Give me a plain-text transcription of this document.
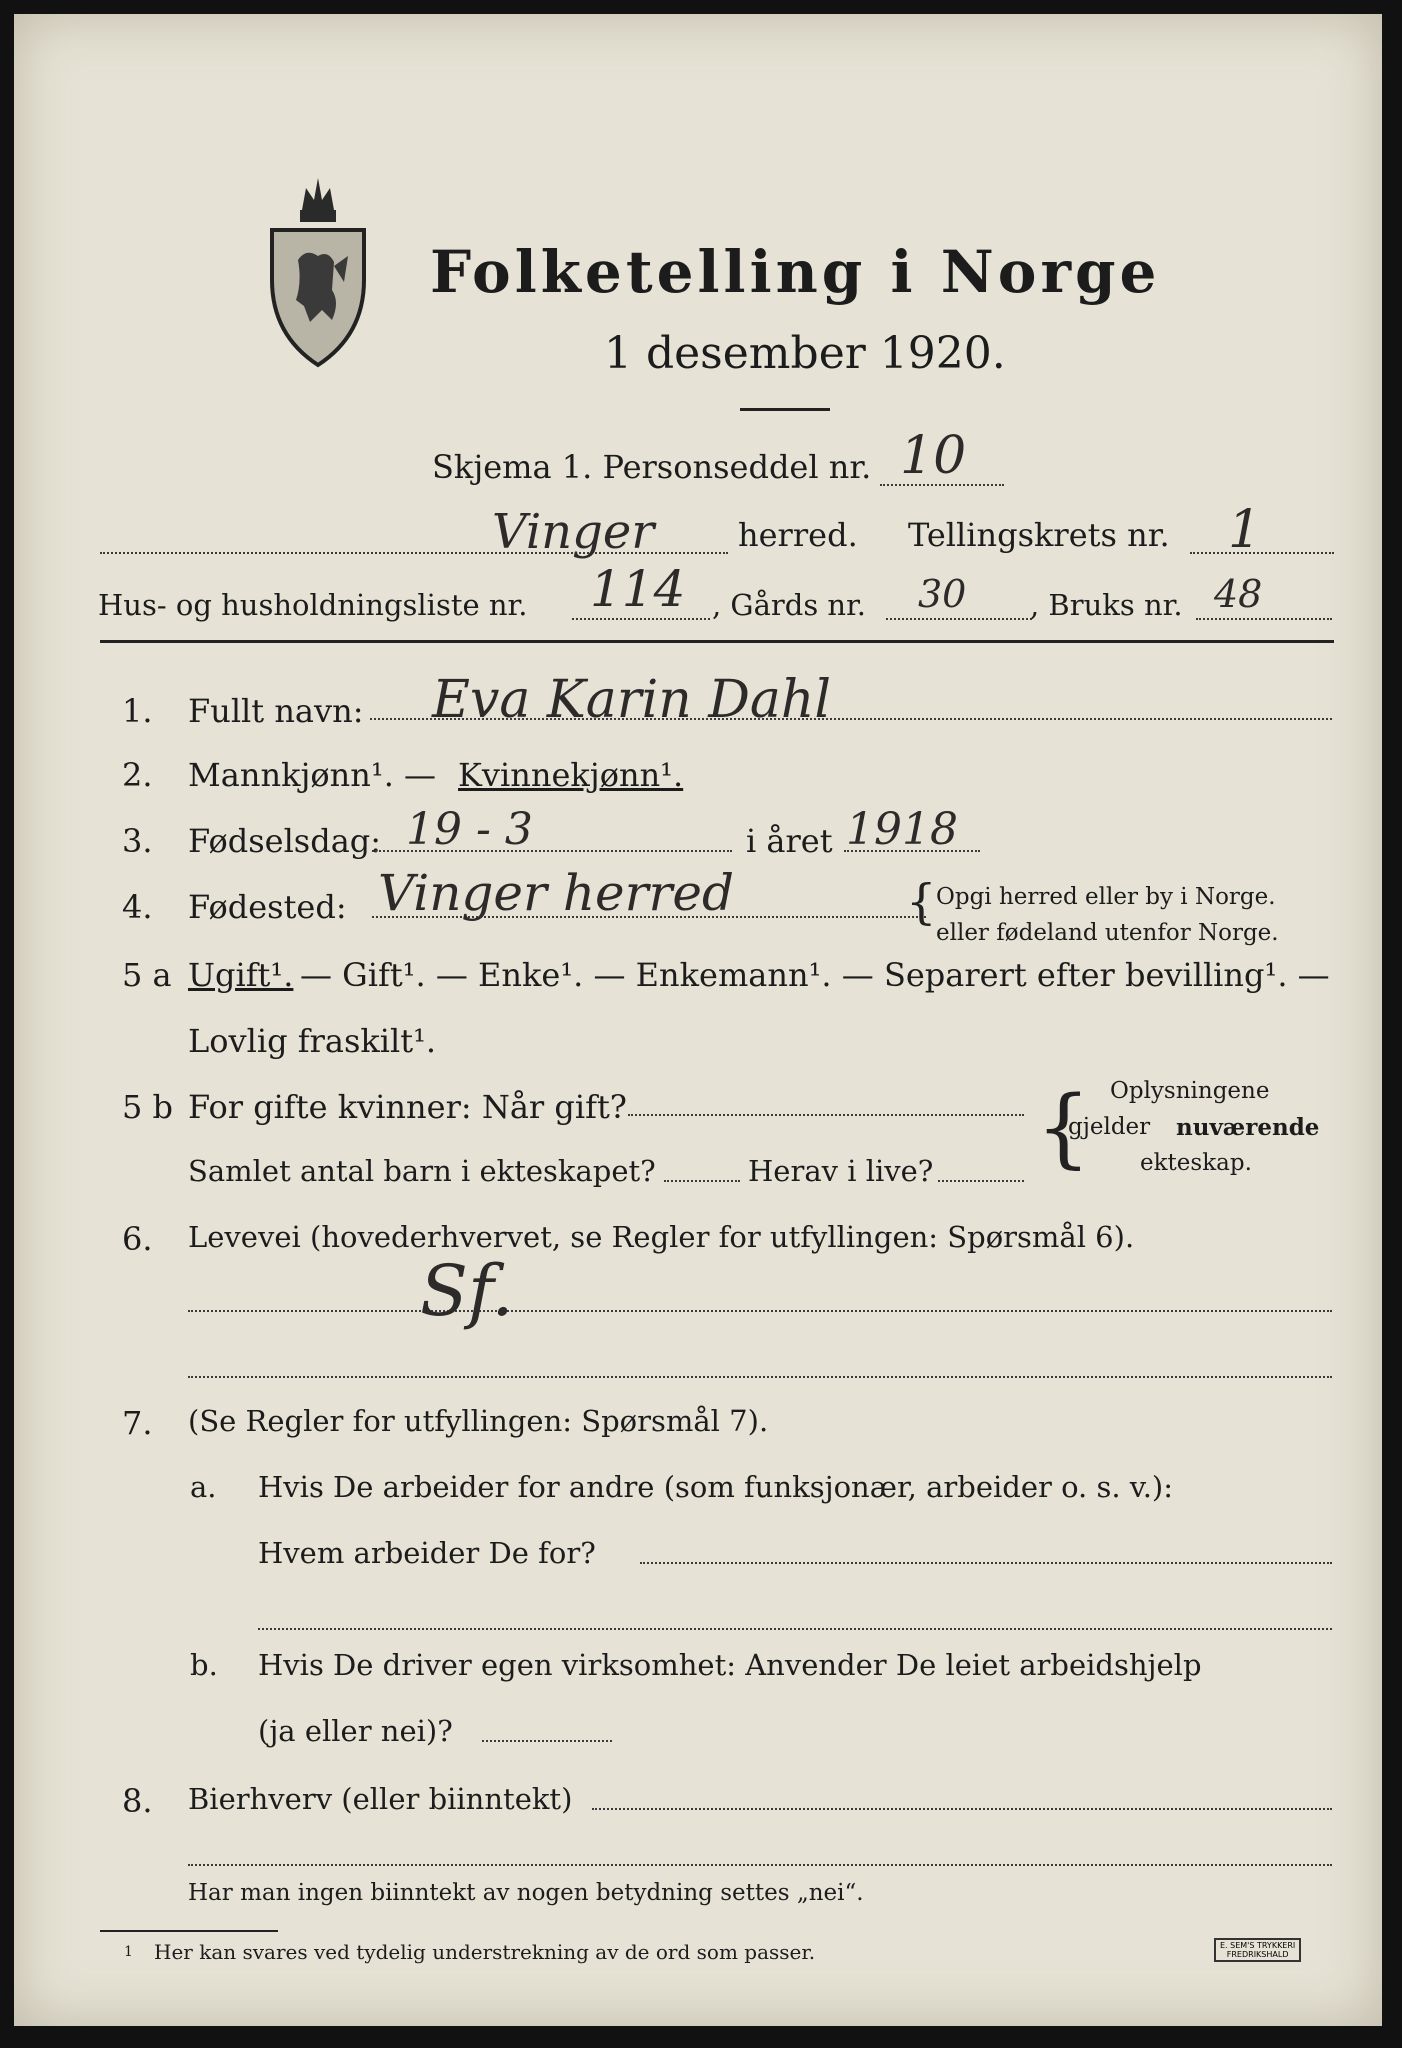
Folketelling i Norge
1 desember 1920.
Skjema 1. Personseddel nr. 10
Vinger	herred. Tellingskrets nr. 1
Hus- og husholdningsliste nr. 114 , Gårds nr. 30 , Bruks nr. 48
1. Fullt navn: Eva Karin Dahl
2. Mannkjønn¹. — Kvinnekjønn¹.
3. Fødselsdag: 19 - 3	i året 1918
4. Fødested: Vinger herred	{ Opgi herred eller by i Norge.
eller fødeland utenfor Norge.
5 a Ugift¹. — Gift¹. — Enke¹. — Enkemann¹. — Separert efter bevilling¹. —
Lovlig fraskilt¹.
5 b For gifte kvinner: Når gift?
Samlet antal barn i ekteskapet?	Herav i live? { Oplysningene
gjelder nuværende
ekteskap.
6. Levevei (hovederhvervet, se Regler for utfyllingen: Spørsmål 6).
Sf.
7. (Se Regler for utfyllingen: Spørsmål 7).
a. Hvis De arbeider for andre (som funksjonær, arbeider o. s. v.):
Hvem arbeider De for?
b. Hvis De driver egen virksomhet: Anvender De leiet arbeidshjelp
(ja eller nei)?
8. Bierhverv (eller biinntekt)
Har man ingen biinntekt av nogen betydning settes „nei“.
1 Her kan svares ved tydelig understrekning av de ord som passer.	E. SEM'S TRYKKERI
FREDRIKSHALD
